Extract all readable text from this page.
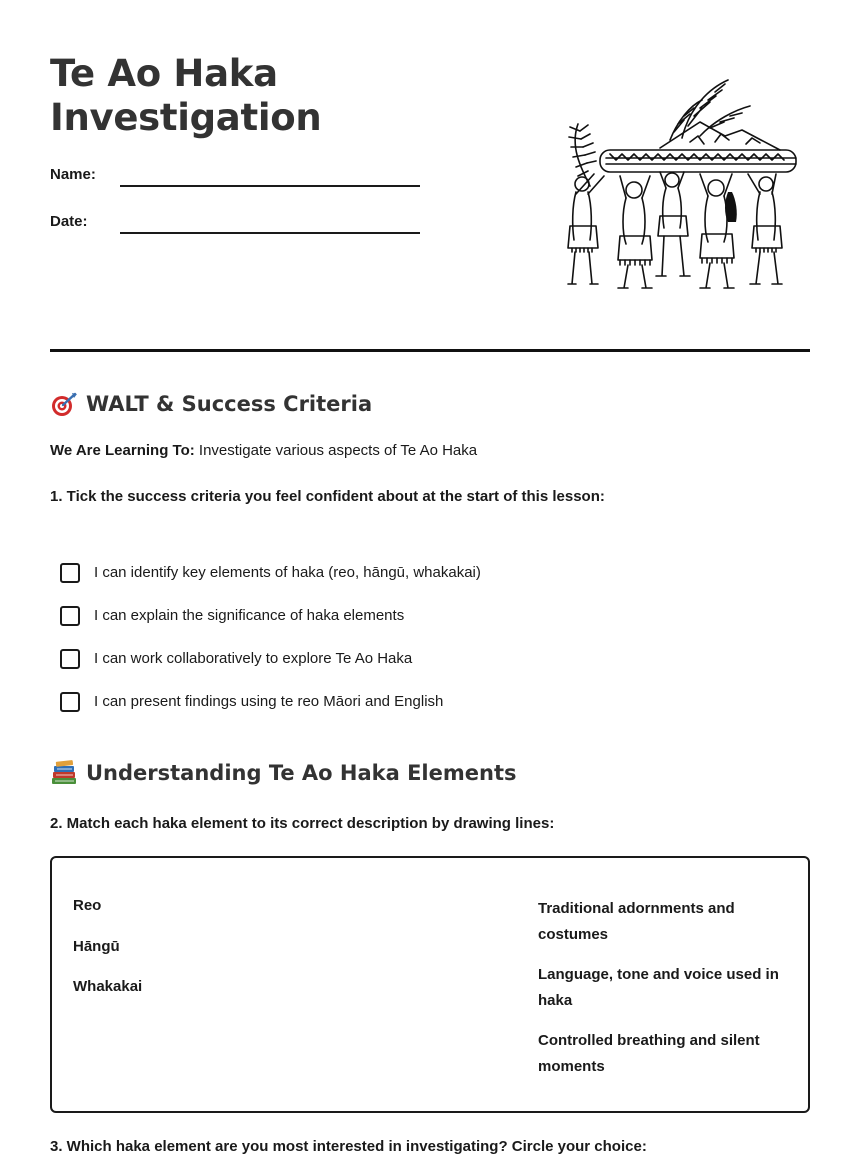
Te Ao Haka
Investigation
Name:
Date:
WALT & Success Criteria
We Are Learning To: Investigate various aspects of Te Ao Haka
1. Tick the success criteria you feel confident about at the start of this lesson:
I can identify key elements of haka (reo, hāngū, whakakai)
I can explain the significance of haka elements
I can work collaboratively to explore Te Ao Haka
I can present findings using te reo Māori and English
Understanding Te Ao Haka Elements
2. Match each haka element to its correct description by drawing lines:
Reo
Hāngū
Whakakai
Traditional adornments and costumes
Language, tone and voice used in haka
Controlled breathing and silent moments
3. Which haka element are you most interested in investigating? Circle your choice:
